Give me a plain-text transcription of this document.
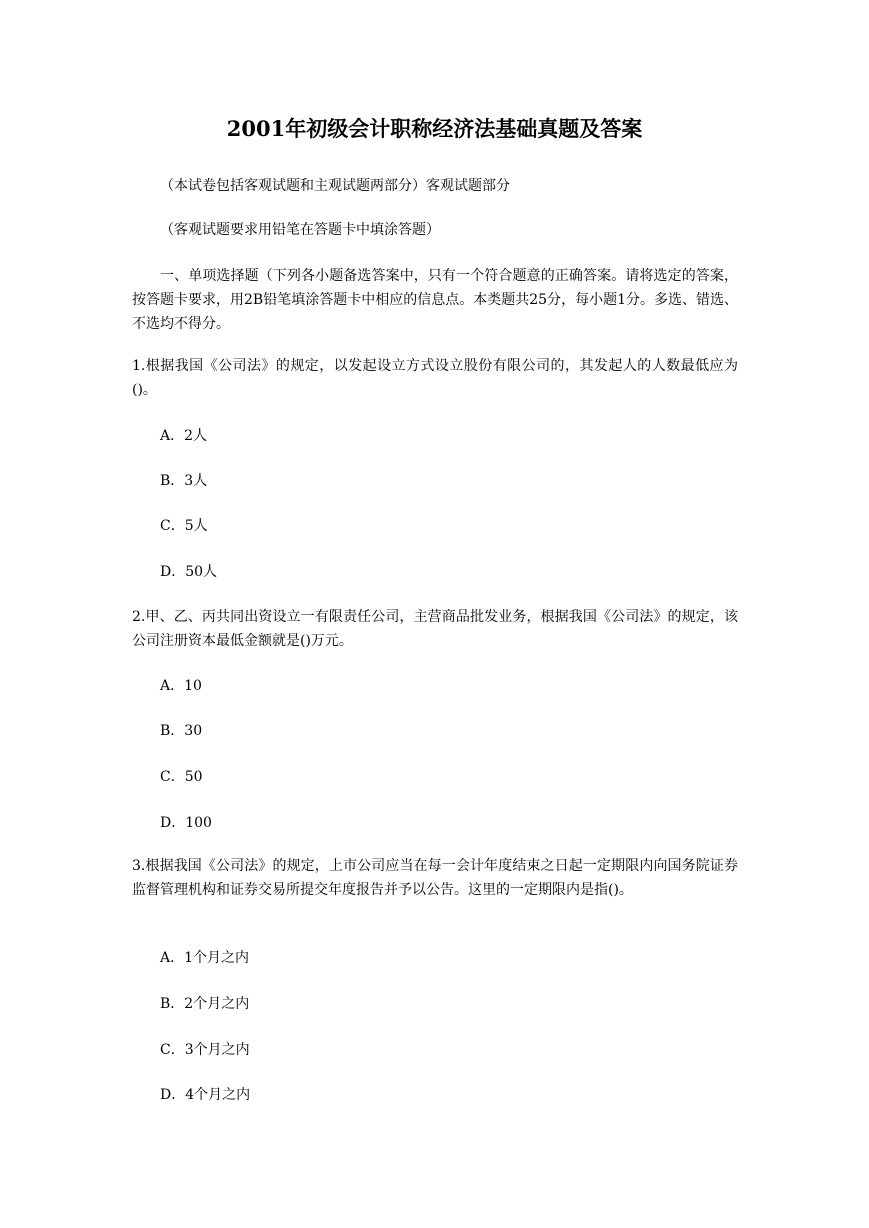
2001年初级会计职称经济法基础真题及答案
（本试卷包括客观试题和主观试题两部分）客观试题部分
（客观试题要求用铅笔在答题卡中填涂答题）
一、单项选择题（下列各小题备选答案中，只有一个符合题意的正确答案。请将选定的答案，按答题卡要求，用2B铅笔填涂答题卡中相应的信息点。本类题共25分，每小题1分。多选、错选、不选均不得分。
1.根据我国《公司法》的规定，以发起设立方式设立股份有限公司的，其发起人的人数最低应为()。
A．2人
B．3人
C．5人
D．50人
2.甲、乙、丙共同出资设立一有限责任公司，主营商品批发业务，根据我国《公司法》的规定，该公司注册资本最低金额就是()万元。
A．10
B．30
C．50
D．100
3.根据我国《公司法》的规定，上市公司应当在每一会计年度结束之日起一定期限内向国务院证券监督管理机构和证券交易所提交年度报告并予以公告。这里的一定期限内是指()。
A．1个月之内
B．2个月之内
C．3个月之内
D．4个月之内
